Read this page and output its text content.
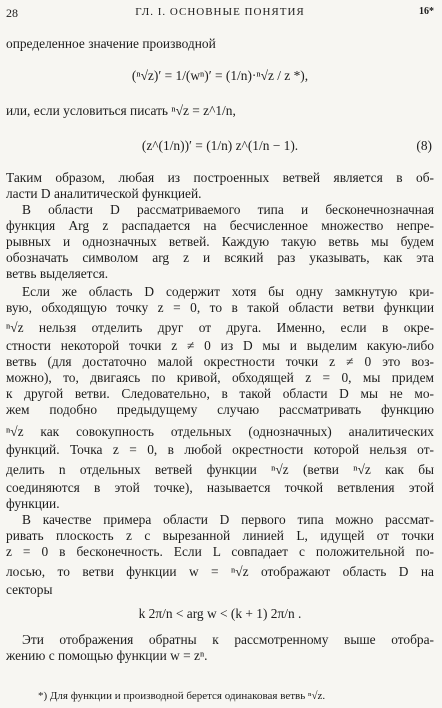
28	ГЛ. I. ОСНОВНЫЕ ПОНЯТИЯ	16*
определенное значение производной
(ⁿ√z)′ = 1/(wⁿ)′ = (1/n)·ⁿ√z / z *),
или, если условиться писать ⁿ√z = z^1/n,
(z^(1/n))′ = (1/n) z^(1/n − 1).	(8)
Таким образом, любая из построенных ветвей является в об-
ласти D аналитической функцией.
В области D рассматриваемого типа и бесконечнозначная
функция Arg z распадается на бесчисленное множество непре-
рывных и однозначных ветвей. Каждую такую ветвь мы будем
обозначать символом arg z и всякий раз указывать, как эта
ветвь выделяется.
Если же область D содержит хотя бы одну замкнутую кри-
вую, обходящую точку z = 0, то в такой области ветви функции
ⁿ√z нельзя отделить друг от друга. Именно, если в окре-
стности некоторой точки z ≠ 0 из D мы и выделим какую-либо
ветвь (для достаточно малой окрестности точки z ≠ 0 это воз-
можно), то, двигаясь по кривой, обходящей z = 0, мы придем
к другой ветви. Следовательно, в такой области D мы не мо-
жем подобно предыдущему случаю рассматривать функцию
ⁿ√z как совокупность отдельных (однозначных) аналитических
функций. Точка z = 0, в любой окрестности которой нельзя от-
делить n отдельных ветвей функции ⁿ√z (ветви ⁿ√z как бы
соединяются в этой точке), называется точкой ветвления этой
функции.
В качестве примера области D первого типа можно рассмат-
ривать плоскость z с вырезанной линией L, идущей от точки
z = 0 в бесконечность. Если L совпадает с положительной по-
лосью, то ветви функции w = ⁿ√z отображают область D на
секторы
k 2π/n < arg w < (k + 1) 2π/n .
Эти отображения обратны к рассмотренному выше отобра-
жению с помощью функции w = zⁿ.
*) Для функции и производной берется одинаковая ветвь ⁿ√z.
